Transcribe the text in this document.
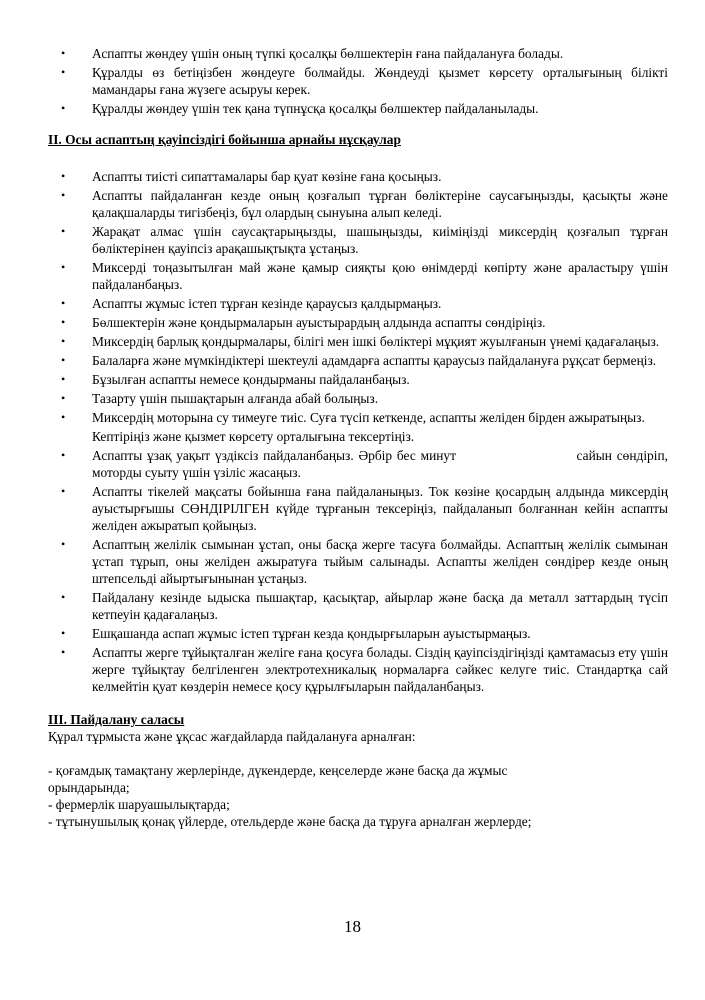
• Аспапты жөндеу үшін оның түпкі қосалқы бөлшектерін ғана пайдалануға болады.
• Құралды өз бетіңізбен жөндеуге болмайды. Жөндеуді қызмет көрсету орталығының білікті мамандары ғана жүзеге асыруы керек.
• Құралды жөндеу үшін тек қана түпнұсқа қосалқы бөлшектер пайдаланылады.

II. Осы аспаптың қауіпсіздігі бойынша арнайы нұсқаулар

• Аспапты тиісті сипаттамалары бар қуат көзіне ғана қосыңыз.
• Аспапты пайдаланған кезде оның қозғалып тұрған бөліктеріне саусағыңызды, қасықты және қалақшаларды тигізбеңіз, бұл олардың сынуына алып келеді.
• Жарақат алмас үшін саусақтарыңызды, шашыңызды, киіміңізді миксердің қозғалып тұрған бөліктерінен қауіпсіз арақашықтықта ұстаңыз.
• Миксерді тоңазытылған май және қамыр сияқты қою өнімдерді көпірту және араластыру үшін пайдаланбаңыз.
• Аспапты жұмыс істеп тұрған кезінде қараусыз қалдырмаңыз.
• Бөлшектерін және қондырмаларын ауыстырардың алдында аспапты сөндіріңіз.
• Миксердің барлық қондырмалары, білігі мен ішкі бөліктері мұқият жуылғанын үнемі қадағалаңыз.
• Балаларға және мүмкіндіктері шектеулі адамдарға аспапты қараусыз пайдалануға рұқсат бермеңіз.
• Бұзылған аспапты немесе қондырманы пайдаланбаңыз.
• Тазарту үшін пышақтарын алғанда абай болыңыз.
• Миксердің моторына су тимеуге тиіс. Суға түсіп кеткенде, аспапты желіден бірден ажыратыңыз.

Кептіріңіз және қызмет көрсету орталығына тексертіңіз.

• Аспапты ұзақ уақыт үздіксіз пайдаланбаңыз. Әрбір бес минут                         сайын сөндіріп, моторды суыту үшін үзіліс жасаңыз.
• Аспапты тікелей мақсаты бойынша ғана пайдаланыңыз. Ток көзіне қосардың алдында миксердің ауыстырғышы СӨНДІРІЛГЕН күйде тұрғанын тексеріңіз, пайдаланып болғаннан кейін аспапты желіден ажыратып қойыңыз.
• Аспаптың желілік сымынан ұстап, оны басқа жерге тасуға болмайды. Аспаптың желілік сымынан ұстап тұрып, оны желіден ажыратуға тыйым салынады. Аспапты желіден сөндірер кезде оның штепсельді айыртығынынан ұстаңыз.
• Пайдалану кезінде ыдыска пышақтар, қасықтар, айырлар және басқа да металл заттардың түсіп кетпеуін қадағалаңыз.
• Ешқашанда аспап жұмыс істеп тұрған кезда қондырғыларын ауыстырмаңыз.
• Аспапты жерге тұйықталған желіге ғана қосуға болады. Сіздің қауіпсіздігіңізді қамтамасыз ету үшін жерге тұйықтау белгіленген электротехникалық нормаларға сәйкес келуге тиіс. Стандартқа сай келмейтін қуат көздерін немесе қосу құрылғыларын пайдаланбаңыз.

III. Пайдалану саласы

Құрал тұрмыста және ұқсас жағдайларда пайдалануға арналған:

- қоғамдық тамақтану жерлерінде, дүкендерде, кеңселерде және басқа да жұмыс орындарында;

- фермерлік шаруашылықтарда;

- тұтынушылық қонақ үйлерде, отельдерде және басқа да тұруға арналған жерлерде;

18
